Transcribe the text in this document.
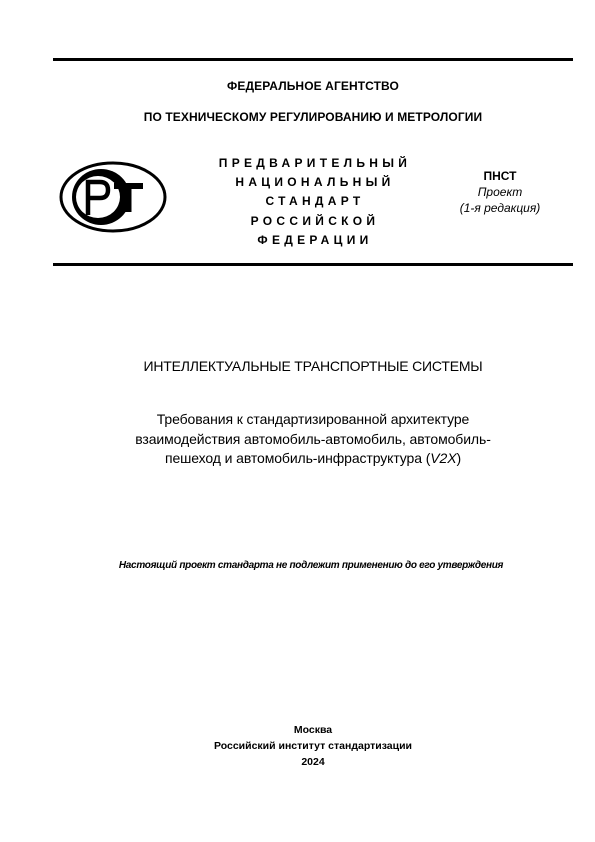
ФЕДЕРАЛЬНОЕ АГЕНТСТВО
ПО ТЕХНИЧЕСКОМУ РЕГУЛИРОВАНИЮ И МЕТРОЛОГИИ
ПРЕДВАРИТЕЛЬНЫЙ
НАЦИОНАЛЬНЫЙ
СТАНДАРТ
РОССИЙСКОЙ
ФЕДЕРАЦИИ
ПНСТ
Проект
(1-я редакция)
ИНТЕЛЛЕКТУАЛЬНЫЕ ТРАНСПОРТНЫЕ СИСТЕМЫ
Требования к стандартизированной архитектуре
взаимодействия автомобиль-автомобиль, автомобиль-
пешеход и автомобиль-инфраструктура (V2X)
Настоящий проект стандарта не подлежит применению до его утверждения
Москва
Российский институт стандартизации
2024
